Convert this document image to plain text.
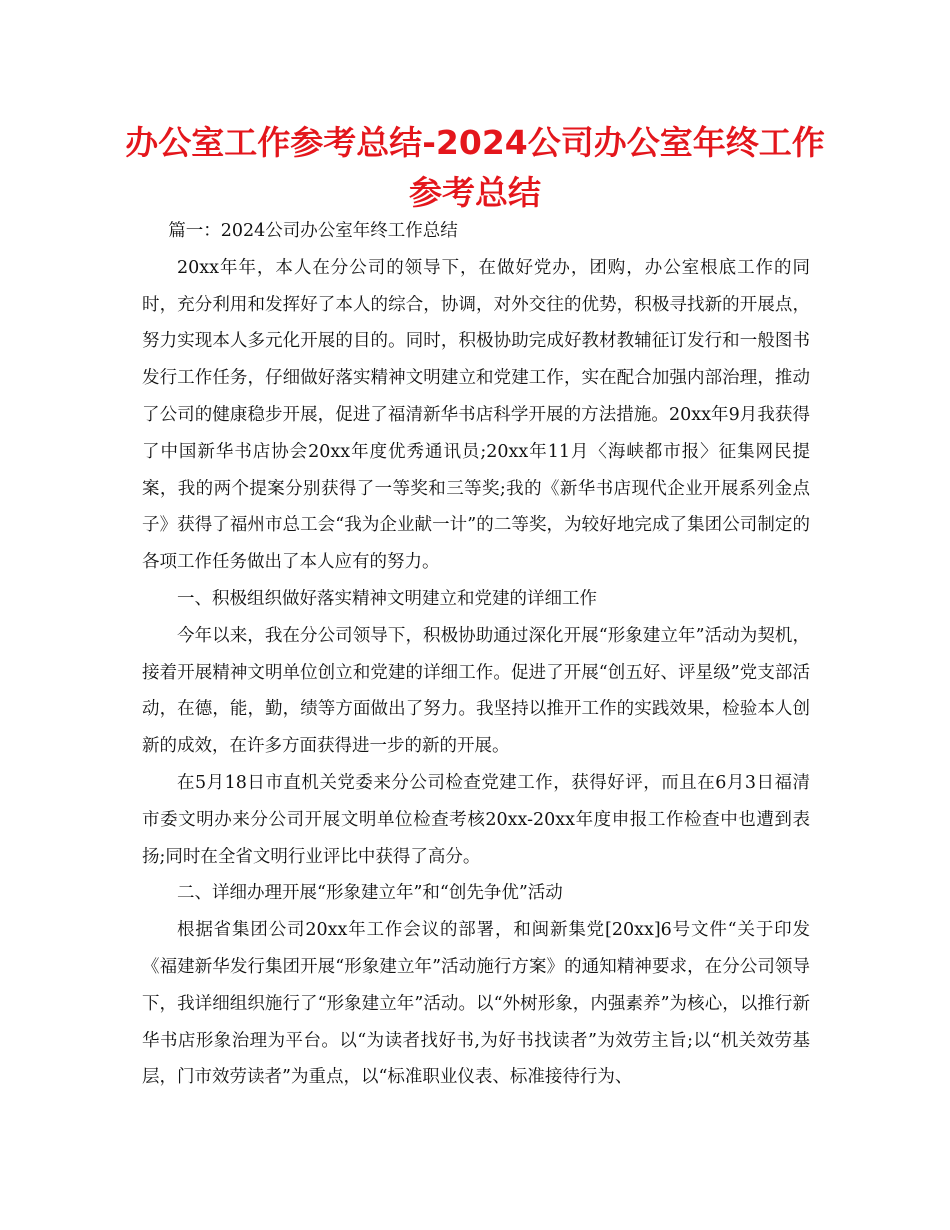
办公室工作参考总结-2024公司办公室年终工作参考总结

篇一：2024公司办公室年终工作总结

20xx年年，本人在分公司的领导下，在做好党办，团购，办公室根底工作的同时，充分利用和发挥好了本人的综合，协调，对外交往的优势，积极寻找新的开展点，努力实现本人多元化开展的目的。同时，积极协助完成好教材教辅征订发行和一般图书发行工作任务，仔细做好落实精神文明建立和党建工作，实在配合加强内部治理，推动了公司的健康稳步开展，促进了福清新华书店科学开展的方法措施。20xx年9月我获得了中国新华书店协会20xx年度优秀通讯员;20xx年11月〈海峡都市报〉征集网民提案，我的两个提案分别获得了一等奖和三等奖;我的《新华书店现代企业开展系列金点子》获得了福州市总工会“我为企业献一计”的二等奖，为较好地完成了集团公司制定的各项工作任务做出了本人应有的努力。

一、积极组织做好落实精神文明建立和党建的详细工作

今年以来，我在分公司领导下，积极协助通过深化开展“形象建立年”活动为契机，接着开展精神文明单位创立和党建的详细工作。促进了开展“创五好、评星级”党支部活动，在德，能，勤，绩等方面做出了努力。我坚持以推开工作的实践效果，检验本人创新的成效，在许多方面获得进一步的新的开展。

在5月18日市直机关党委来分公司检查党建工作，获得好评，而且在6月3日福清市委文明办来分公司开展文明单位检查考核20xx-20xx年度申报工作检查中也遭到表扬;同时在全省文明行业评比中获得了高分。

二、详细办理开展“形象建立年”和“创先争优”活动

根据省集团公司20xx年工作会议的部署，和闽新集党[20xx]6号文件“关于印发《福建新华发行集团开展“形象建立年”活动施行方案》的通知精神要求，在分公司领导下，我详细组织施行了“形象建立年”活动。以“外树形象，内强素养”为核心，以推行新华书店形象治理为平台。以“为读者找好书,为好书找读者”为效劳主旨;以“机关效劳基层，门市效劳读者”为重点，以“标准职业仪表、标准接待行为、
